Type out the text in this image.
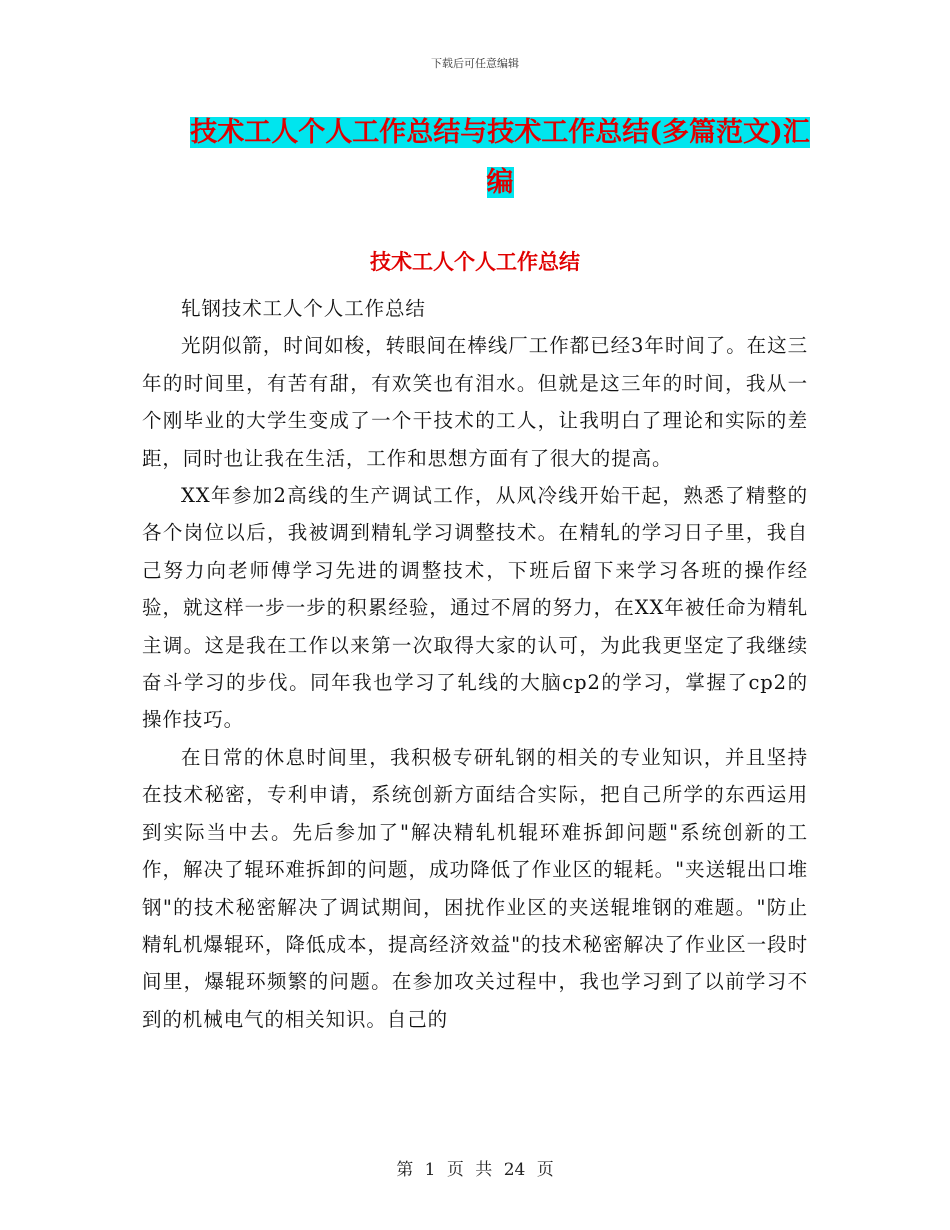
下载后可任意编辑
技术工人个人工作总结与技术工作总结(多篇范文)汇编
技术工人个人工作总结

轧钢技术工人个人工作总结

光阴似箭，时间如梭，转眼间在棒线厂工作都已经3年时间了。在这三年的时间里，有苦有甜，有欢笑也有泪水。但就是这三年的时间，我从一个刚毕业的大学生变成了一个干技术的工人，让我明白了理论和实际的差距，同时也让我在生活，工作和思想方面有了很大的提高。

XX年参加2高线的生产调试工作，从风冷线开始干起，熟悉了精整的各个岗位以后，我被调到精轧学习调整技术。在精轧的学习日子里，我自己努力向老师傅学习先进的调整技术，下班后留下来学习各班的操作经验，就这样一步一步的积累经验，通过不屑的努力，在XX年被任命为精轧主调。这是我在工作以来第一次取得大家的认可，为此我更坚定了我继续奋斗学习的步伐。同年我也学习了轧线的大脑cp2的学习，掌握了cp2的操作技巧。

在日常的休息时间里，我积极专研轧钢的相关的专业知识，并且坚持在技术秘密，专利申请，系统创新方面结合实际，把自己所学的东西运用到实际当中去。先后参加了"解决精轧机辊环难拆卸问题"系统创新的工作，解决了辊环难拆卸的问题，成功降低了作业区的辊耗。"夹送辊出口堆钢"的技术秘密解决了调试期间，困扰作业区的夹送辊堆钢的难题。"防止精轧机爆辊环，降低成本，提高经济效益"的技术秘密解决了作业区一段时间里，爆辊环频繁的问题。在参加攻关过程中，我也学习到了以前学习不到的机械电气的相关知识。自己的

第 1 页 共 24 页
